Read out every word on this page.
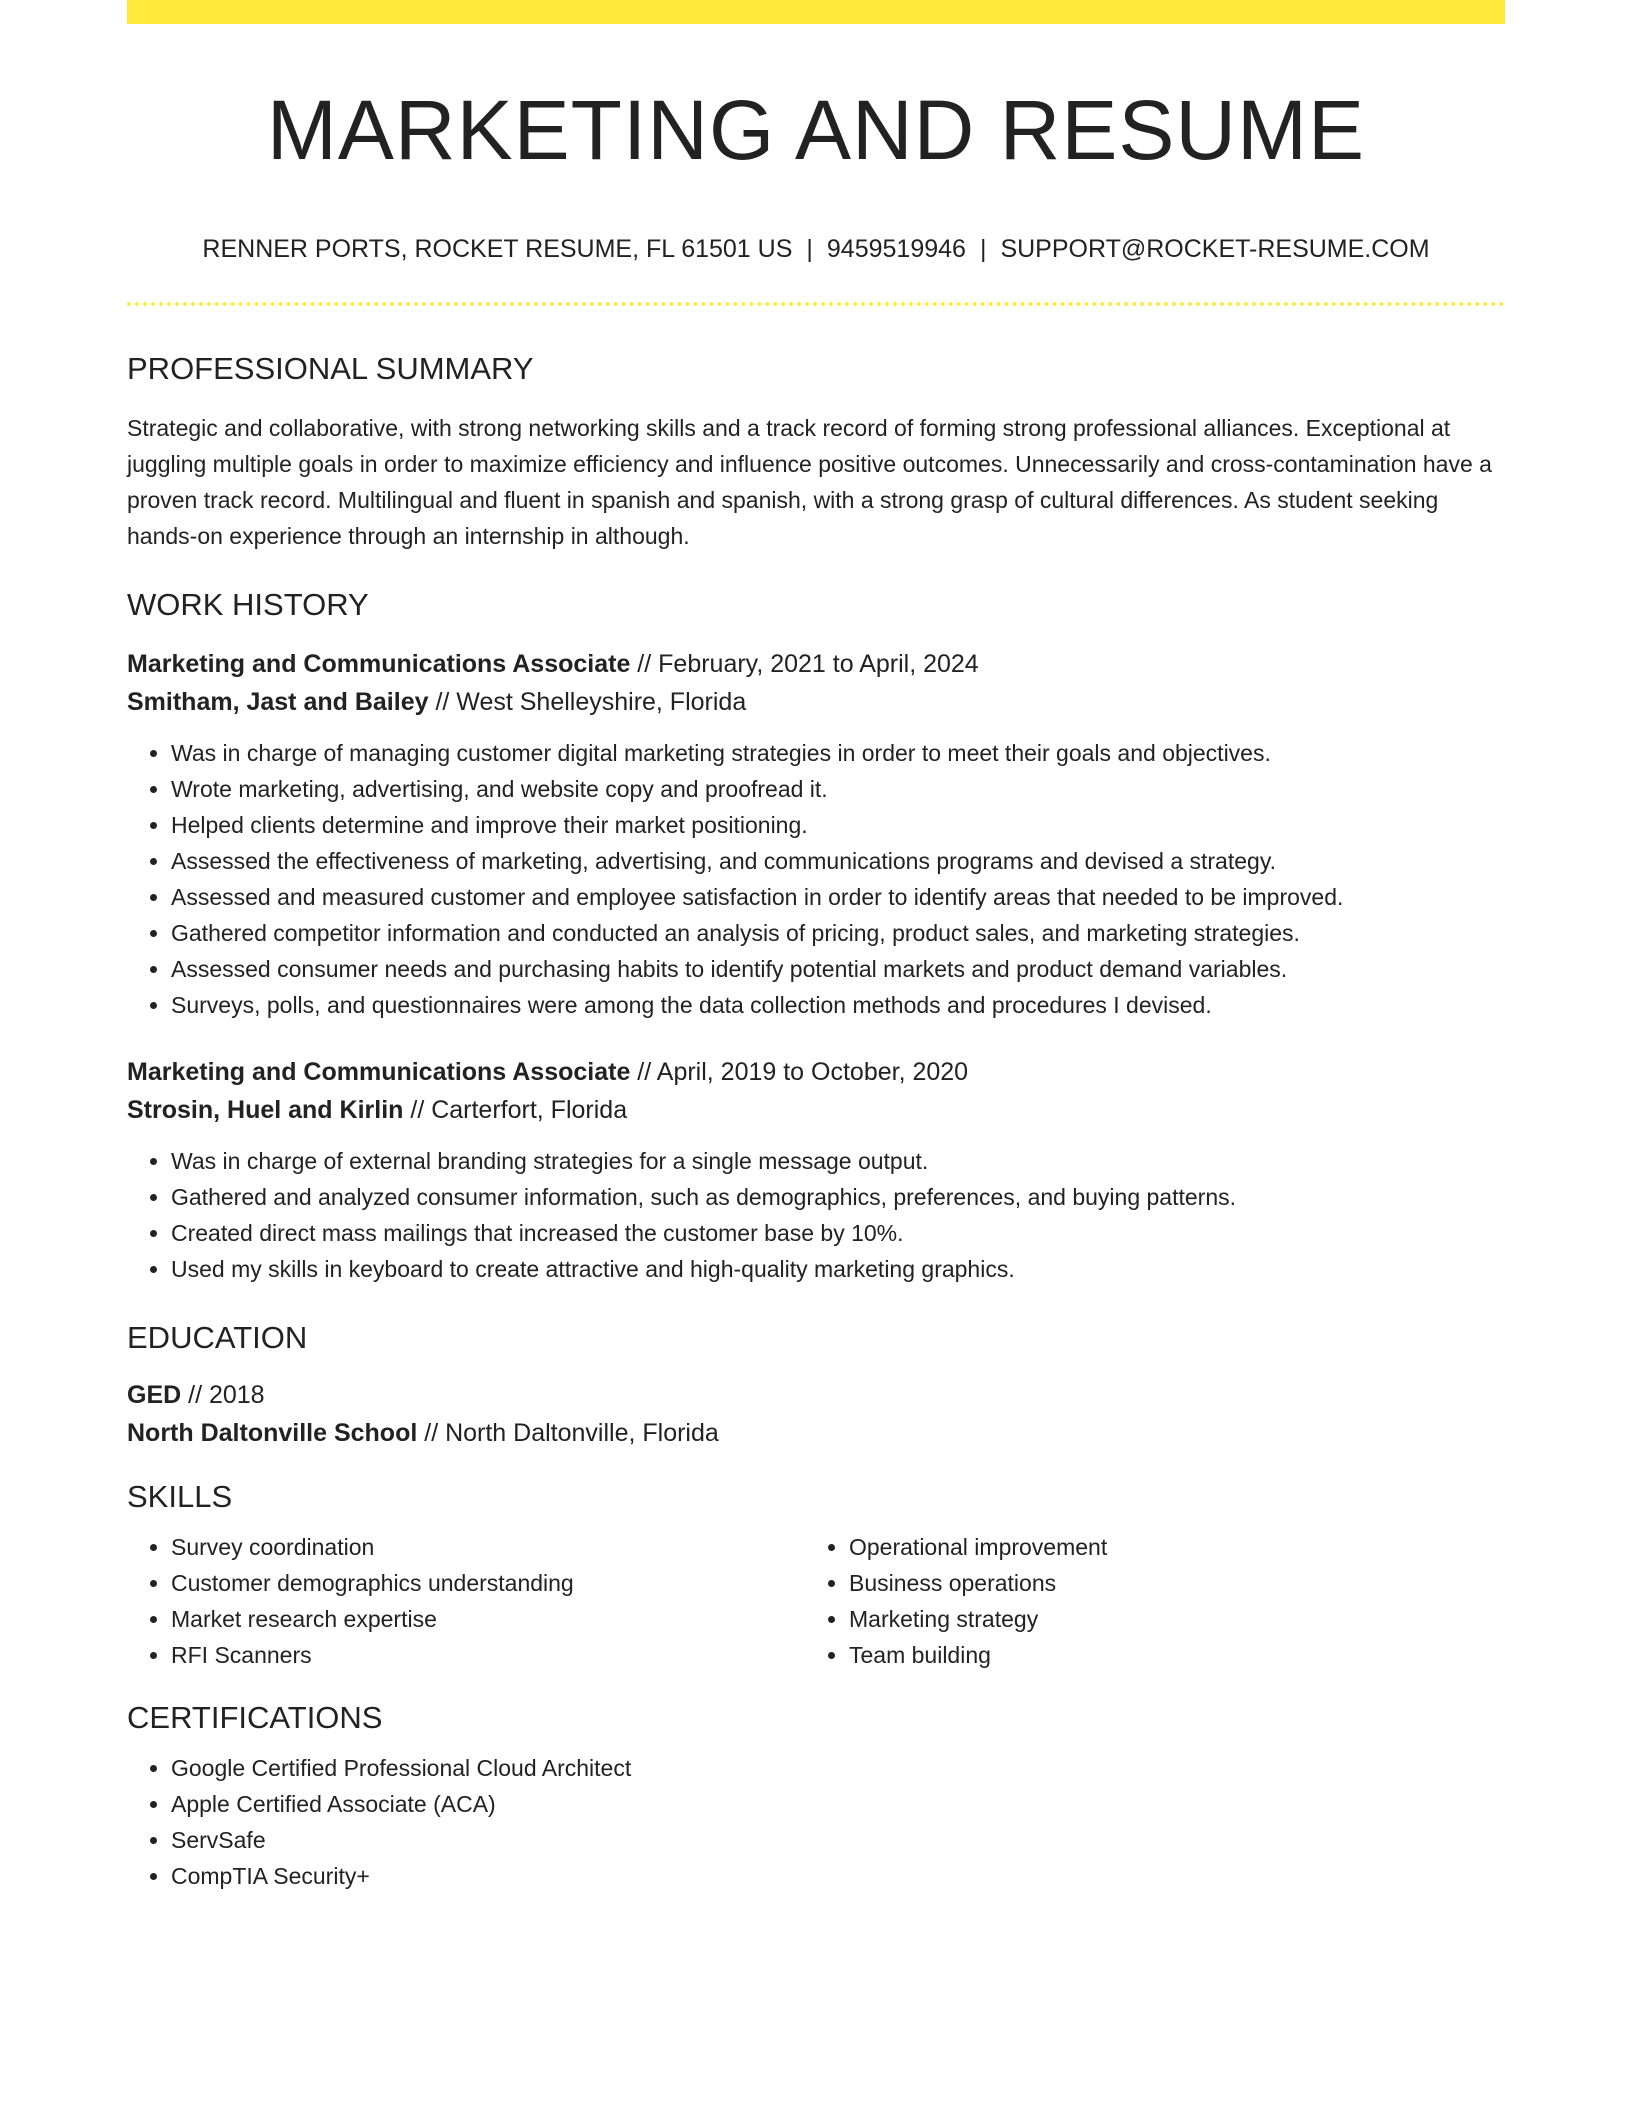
MARKETING AND RESUME
RENNER PORTS, ROCKET RESUME, FL 61501 US | 9459519946 | SUPPORT@ROCKET-RESUME.COM
PROFESSIONAL SUMMARY

Strategic and collaborative, with strong networking skills and a track record of forming strong professional alliances. Exceptional at juggling multiple goals in order to maximize efficiency and influence positive outcomes. Unnecessarily and cross-contamination have a proven track record. Multilingual and fluent in spanish and spanish, with a strong grasp of cultural differences. As student seeking hands-on experience through an internship in although.

WORK HISTORY
Marketing and Communications Associate // February, 2021 to April, 2024
Smitham, Jast and Bailey // West Shelleyshire, Florida
• Was in charge of managing customer digital marketing strategies in order to meet their goals and objectives.
• Wrote marketing, advertising, and website copy and proofread it.
• Helped clients determine and improve their market positioning.
• Assessed the effectiveness of marketing, advertising, and communications programs and devised a strategy.
• Assessed and measured customer and employee satisfaction in order to identify areas that needed to be improved.
• Gathered competitor information and conducted an analysis of pricing, product sales, and marketing strategies.
• Assessed consumer needs and purchasing habits to identify potential markets and product demand variables.
• Surveys, polls, and questionnaires were among the data collection methods and procedures I devised.
Marketing and Communications Associate // April, 2019 to October, 2020
Strosin, Huel and Kirlin // Carterfort, Florida
• Was in charge of external branding strategies for a single message output.
• Gathered and analyzed consumer information, such as demographics, preferences, and buying patterns.
• Created direct mass mailings that increased the customer base by 10%.
• Used my skills in keyboard to create attractive and high-quality marketing graphics.
EDUCATION
GED // 2018
North Daltonville School // North Daltonville, Florida
SKILLS
• Survey coordination
• Customer demographics understanding
• Market research expertise
• RFI Scanners
• Operational improvement
• Business operations
• Marketing strategy
• Team building
CERTIFICATIONS
• Google Certified Professional Cloud Architect
• Apple Certified Associate (ACA)
• ServSafe
• CompTIA Security+
